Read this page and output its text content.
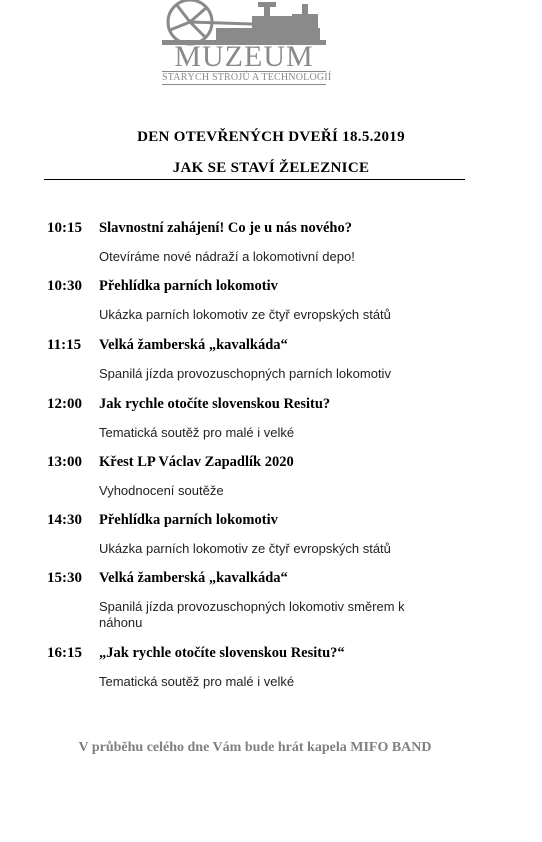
MUZEUM
STARÝCH STROJŮ A TECHNOLOGIÍ
DEN OTEVŘENÝCH DVEŘÍ 18.5.2019
JAK SE STAVÍ ŽELEZNICE
10:15	Slavnostní zahájení! Co je u nás nového?
Otevíráme nové nádraží a lokomotivní depo!
10:30	Přehlídka parních lokomotiv
Ukázka parních lokomotiv ze čtyř evropských států
11:15	Velká žamberská „kavalkáda“
Spanilá jízda provozuschopných parních lokomotiv
12:00	Jak rychle otočíte slovenskou Resitu?
Tematická soutěž pro malé i velké
13:00	Křest LP Václav Zapadlík 2020
Vyhodnocení soutěže
14:30	Přehlídka parních lokomotiv
Ukázka parních lokomotiv ze čtyř evropských států
15:30	Velká žamberská „kavalkáda“
Spanilá jízda provozuschopných lokomotiv směrem k náhonu
16:15	„Jak rychle otočíte slovenskou Resitu?“
Tematická soutěž pro malé i velké
V průběhu celého dne Vám bude hrát kapela MIFO BAND
